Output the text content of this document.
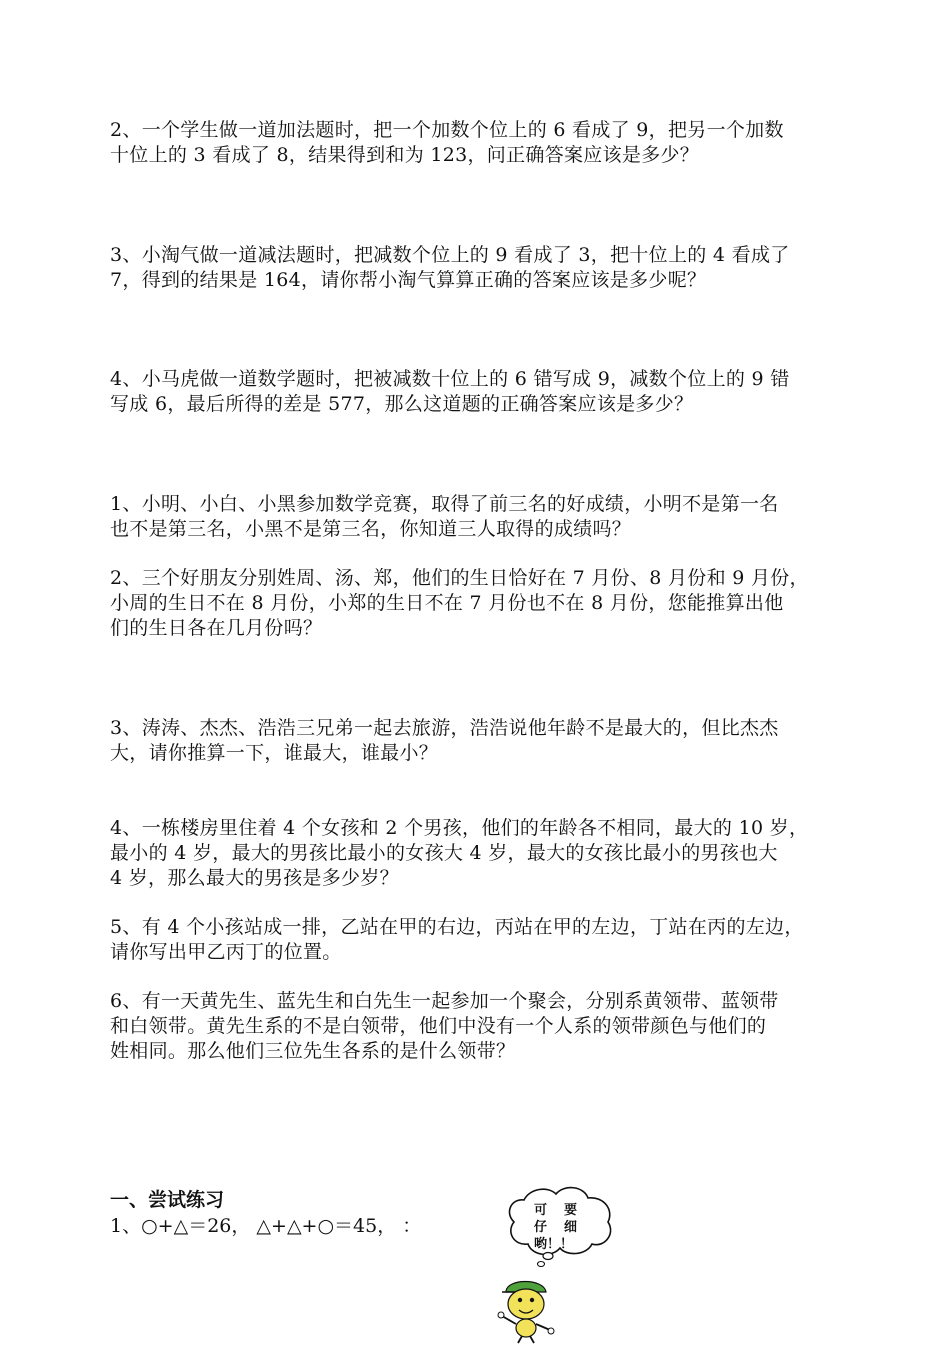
2、一个学生做一道加法题时，把一个加数个位上的 6 看成了 9，把另一个加数
十位上的 3 看成了 8，结果得到和为 123，问正确答案应该是多少？

3、小淘气做一道减法题时，把减数个位上的 9 看成了 3，把十位上的 4 看成了
7，得到的结果是 164，请你帮小淘气算算正确的答案应该是多少呢？

4、小马虎做一道数学题时，把被减数十位上的 6 错写成 9，减数个位上的 9 错
写成 6，最后所得的差是 577，那么这道题的正确答案应该是多少？

1、小明、小白、小黑参加数学竞赛，取得了前三名的好成绩，小明不是第一名
也不是第三名，小黑不是第三名，你知道三人取得的成绩吗？

2、三个好朋友分别姓周、汤、郑，他们的生日恰好在 7 月份、8 月份和 9 月份，
小周的生日不在 8 月份，小郑的生日不在 7 月份也不在 8 月份，您能推算出他
们的生日各在几月份吗？

3、涛涛、杰杰、浩浩三兄弟一起去旅游，浩浩说他年龄不是最大的，但比杰杰
大，请你推算一下，谁最大，谁最小？

4、一栋楼房里住着 4 个女孩和 2 个男孩，他们的年龄各不相同，最大的 10 岁，
最小的 4 岁，最大的男孩比最小的女孩大 4 岁，最大的女孩比最小的男孩也大
4 岁，那么最大的男孩是多少岁？

5、有 4 个小孩站成一排，乙站在甲的右边，丙站在甲的左边，丁站在丙的左边，
请你写出甲乙丙丁的位置。

6、有一天黄先生、蓝先生和白先生一起参加一个聚会，分别系黄领带、蓝领带
和白领带。黄先生系的不是白领带，他们中没有一个人系的领带颜色与他们的
姓相同。那么他们三位先生各系的是什么领带？

一、尝试练习
1、○+△＝26， △+△+○＝45， ：
可 要
仔 细
哟！！
